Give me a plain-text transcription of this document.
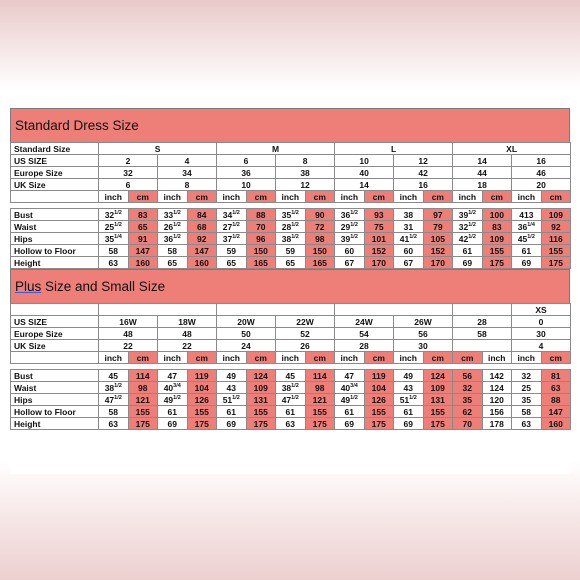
Standard Dress Size
Standard Size	S				M				L				XL			
US SIZE	2		4		6		8		10		12		14		16	
Europe Size	32		34		36		38		40		42		44		46	
UK Size	6		8		10		12		14		16		18		20	
	inch	cm	inch	cm	inch	cm	inch	cm	inch	cm	inch	cm	inch	cm	inch	cm

Bust	$32^{1/2}$	83	$33^{1/2}$	84	$34^{1/2}$	88	$35^{1/2}$	90	$36^{1/2}$	93	38	97	$39^{1/2}$	100	413	109
Waist	$25^{1/2}$	65	$26^{1/2}$	68	$27^{1/2}$	70	$28^{1/2}$	72	$29^{1/2}$	75	31	79	$32^{1/2}$	83	$36^{1/4}$	92
Hips	$35^{1/4}$	91	$36^{1/2}$	92	$37^{1/2}$	96	$38^{1/2}$	98	$39^{1/2}$	101	$41^{1/2}$	105	$42^{1/2}$	109	$45^{1/2}$	116
Hollow to Floor	58	147	58	147	59	150	59	150	60	152	60	152	61	155	61	155
Height	63	160	65	160	65	165	65	165	67	170	67	170	69	175	69	175
Plus Size and Small Size
															XS	
US SIZE	16W		18W		20W		22W		24W		26W		28		0	
Europe Size	48		48		50		52		54		56		58		30	
UK Size	22		22		24		26		28		30				4	
	inch	cm	inch	cm	inch	cm	inch	cm	inch	cm	inch	cm	cm	inch	inch	cm

Bust	45	114	47	119	49	124	45	114	47	119	49	124	56	142	32	81
Waist	$38^{1/2}$	98	$40^{3/4}$	104	43	109	$38^{1/2}$	98	$40^{3/4}$	104	43	109	32	124	25	63
Hips	$47^{1/2}$	121	$49^{1/2}$	126	$51^{1/2}$	131	$47^{1/2}$	121	$49^{1/2}$	126	$51^{1/2}$	131	35	120	35	88
Hollow to Floor	58	155	61	155	61	155	61	155	61	155	61	155	62	156	58	147
Height	63	175	69	175	69	175	63	175	69	175	69	175	70	178	63	160
